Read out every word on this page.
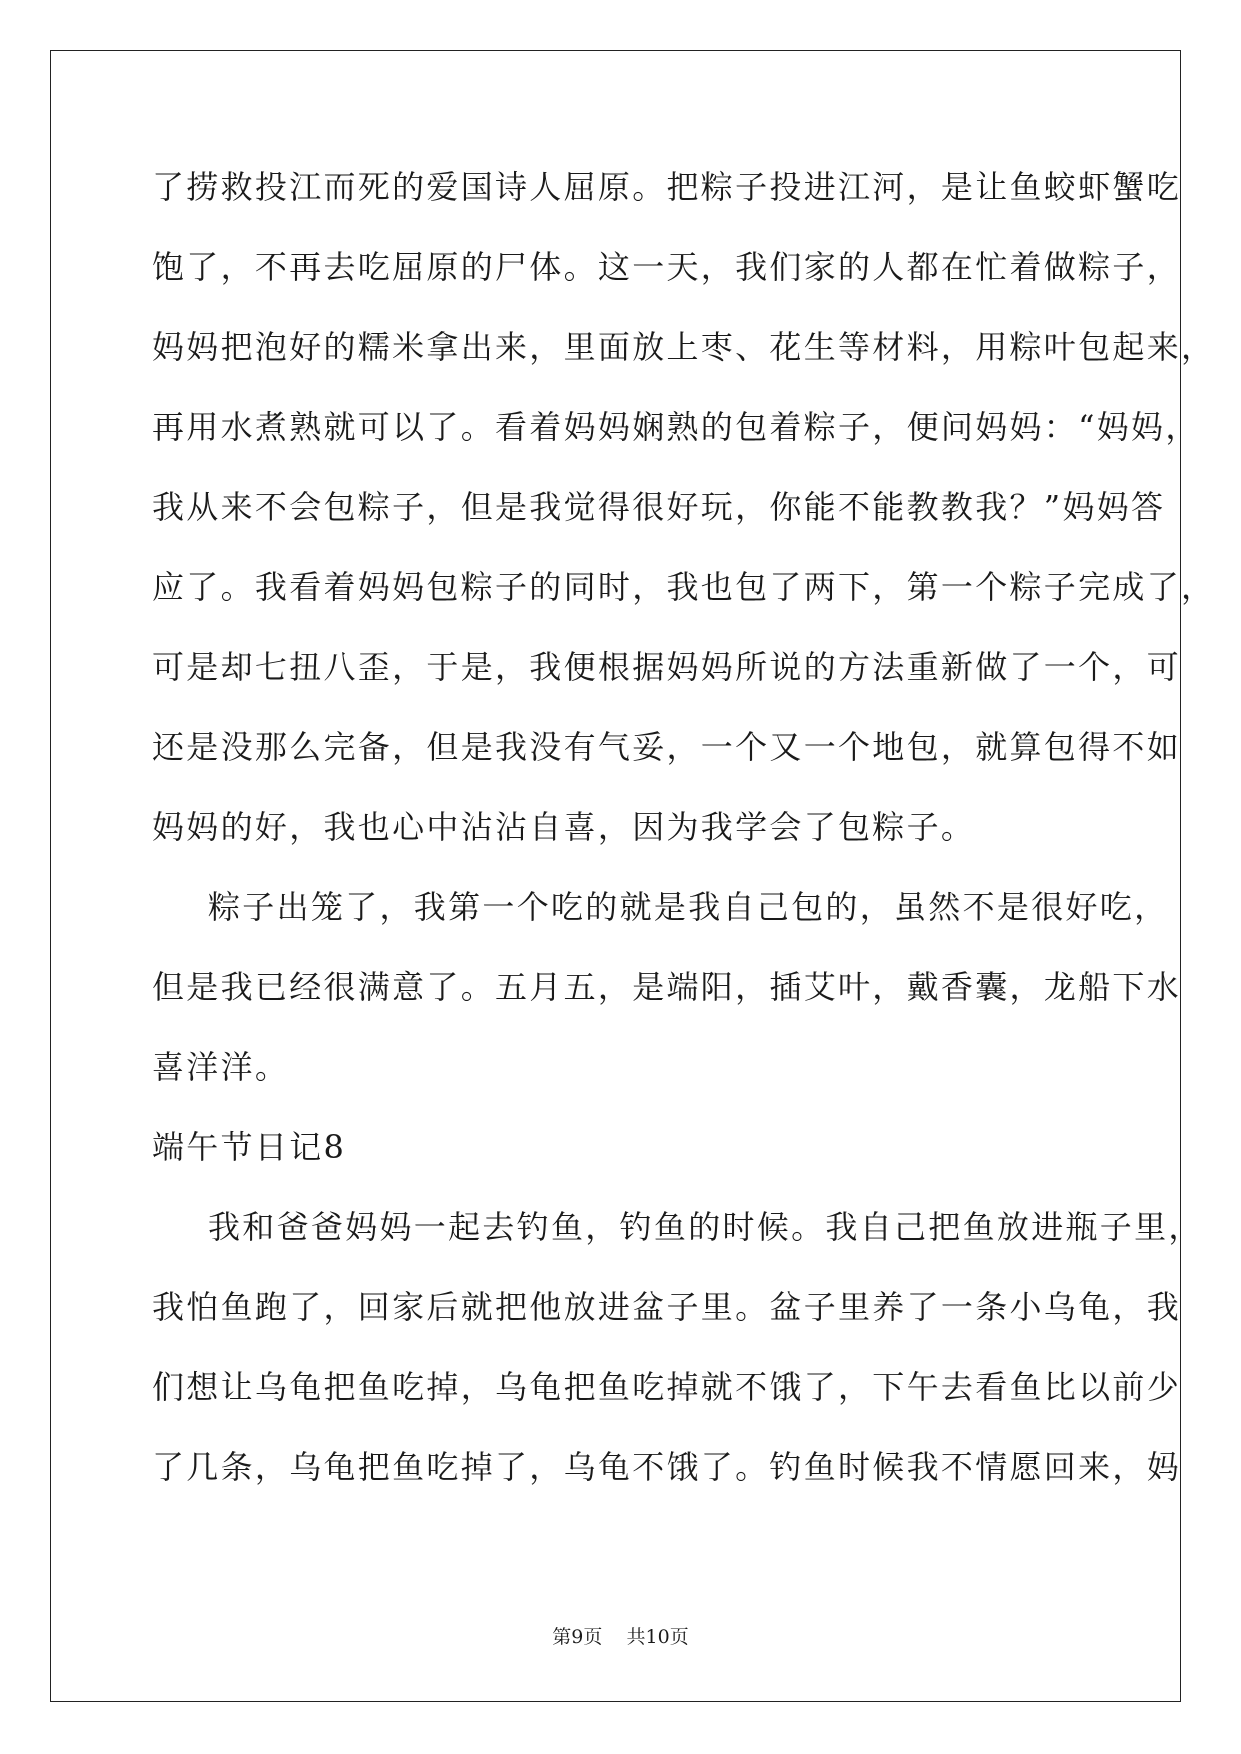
了捞救投江而死的爱国诗人屈原。把粽子投进江河，是让鱼蛟虾蟹吃
饱了，不再去吃屈原的尸体。这一天，我们家的人都在忙着做粽子，
妈妈把泡好的糯米拿出来，里面放上枣、花生等材料，用粽叶包起来，
再用水煮熟就可以了。看着妈妈娴熟的包着粽子，便问妈妈：“妈妈，
我从来不会包粽子，但是我觉得很好玩，你能不能教教我？”妈妈答
应了。我看着妈妈包粽子的同时，我也包了两下，第一个粽子完成了，
可是却七扭八歪，于是，我便根据妈妈所说的方法重新做了一个，可
还是没那么完备，但是我没有气妥，一个又一个地包，就算包得不如
妈妈的好，我也心中沾沾自喜，因为我学会了包粽子。
粽子出笼了，我第一个吃的就是我自己包的，虽然不是很好吃，
但是我已经很满意了。五月五，是端阳，插艾叶，戴香囊，龙船下水
喜洋洋。
端午节日记8
我和爸爸妈妈一起去钓鱼，钓鱼的时候。我自己把鱼放进瓶子里，
我怕鱼跑了，回家后就把他放进盆子里。盆子里养了一条小乌龟，我
们想让乌龟把鱼吃掉，乌龟把鱼吃掉就不饿了，下午去看鱼比以前少
了几条，乌龟把鱼吃掉了，乌龟不饿了。钓鱼时候我不情愿回来，妈
第9页    共10页
